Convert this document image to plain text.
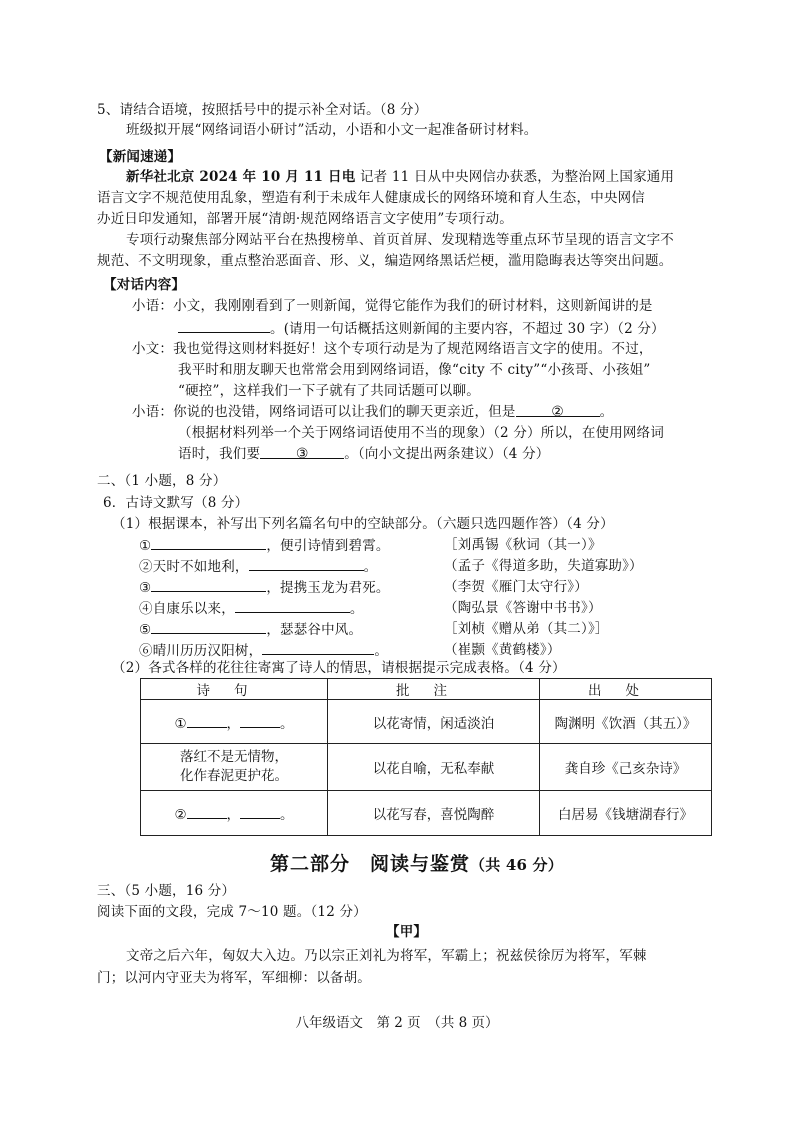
5、请结合语境，按照括号中的提示补全对话。（8 分）
班级拟开展“网络词语小研讨”活动，小语和小文一起准备研讨材料。
【新闻速递】
新华社北京 2024 年 10 月 11 日电 记者 11 日从中央网信办获悉，为整治网上国家通用
语言文字不规范使用乱象，塑造有利于未成年人健康成长的网络环境和育人生态，中央网信
办近日印发通知，部署开展“清朗·规范网络语言文字使用”专项行动。
专项行动聚焦部分网站平台在热搜榜单、首页首屏、发现精选等重点环节呈现的语言文字不
规范、不文明现象，重点整治恶面音、形、义，编造网络黑话烂梗，滥用隐晦表达等突出问题。
【对话内容】
小语：小文，我刚刚看到了一则新闻，觉得它能作为我们的研讨材料，这则新闻讲的是
。(请用一句话概括这则新闻的主要内容，不超过 30 字）（2 分）
小文：我也觉得这则材料挺好！这个专项行动是为了规范网络语言文字的使用。不过，
我平时和朋友聊天也常常会用到网络词语，像“city 不 city”“小孩哥、小孩姐”
“硬控”，这样我们一下子就有了共同话题可以聊。
小语：你说的也没错，网络词语可以让我们的聊天更亲近，但是	②	。
（根据材料列举一个关于网络词语使用不当的现象）（2 分）所以，在使用网络词
语时，我们要	③	。（向小文提出两条建议）（4 分）
二、（1 小题，8 分）
6．古诗文默写（8 分）
（1）根据课本，补写出下列名篇名句中的空缺部分。（六题只选四题作答）（4 分）
①	，便引诗情到碧霄。	［刘禹锡《秋词（其一）》
②天时不如地利，	。	（孟子《得道多助，失道寡助》）
③	，提携玉龙为君死。	（李贺《雁门太守行》）
④自康乐以来，	。	（陶弘景《答谢中书书》）
⑤	，瑟瑟谷中风。	［刘桢《赠从弟（其二）》］
⑥晴川历历汉阳树，	。	（崔颢《黄鹤楼》）
（2）各式各样的花往往寄寓了诗人的情思，请根据提示完成表格。（4 分）
诗句	批注	出处
① ， 。	以花寄情，闲适淡泊	陶渊明《饮酒（其五）》

落红不是无情物，
化作春泥更护花。	以花自喻，无私奉献	龚自珍《己亥杂诗》
② ， 。	以花写春，喜悦陶醉	白居易《钱塘湖春行》
第二部分　阅读与鉴赏（共 46 分）
三、（5 小题，16 分）
阅读下面的文段，完成 7～10 题。（12 分）
【甲】
文帝之后六年，匈奴大入边。乃以宗正刘礼为将军，军霸上；祝兹侯徐厉为将军，军棘
门；以河内守亚夫为将军，军细柳：以备胡。
八年级语文　第 2 页　（共 8 页）
